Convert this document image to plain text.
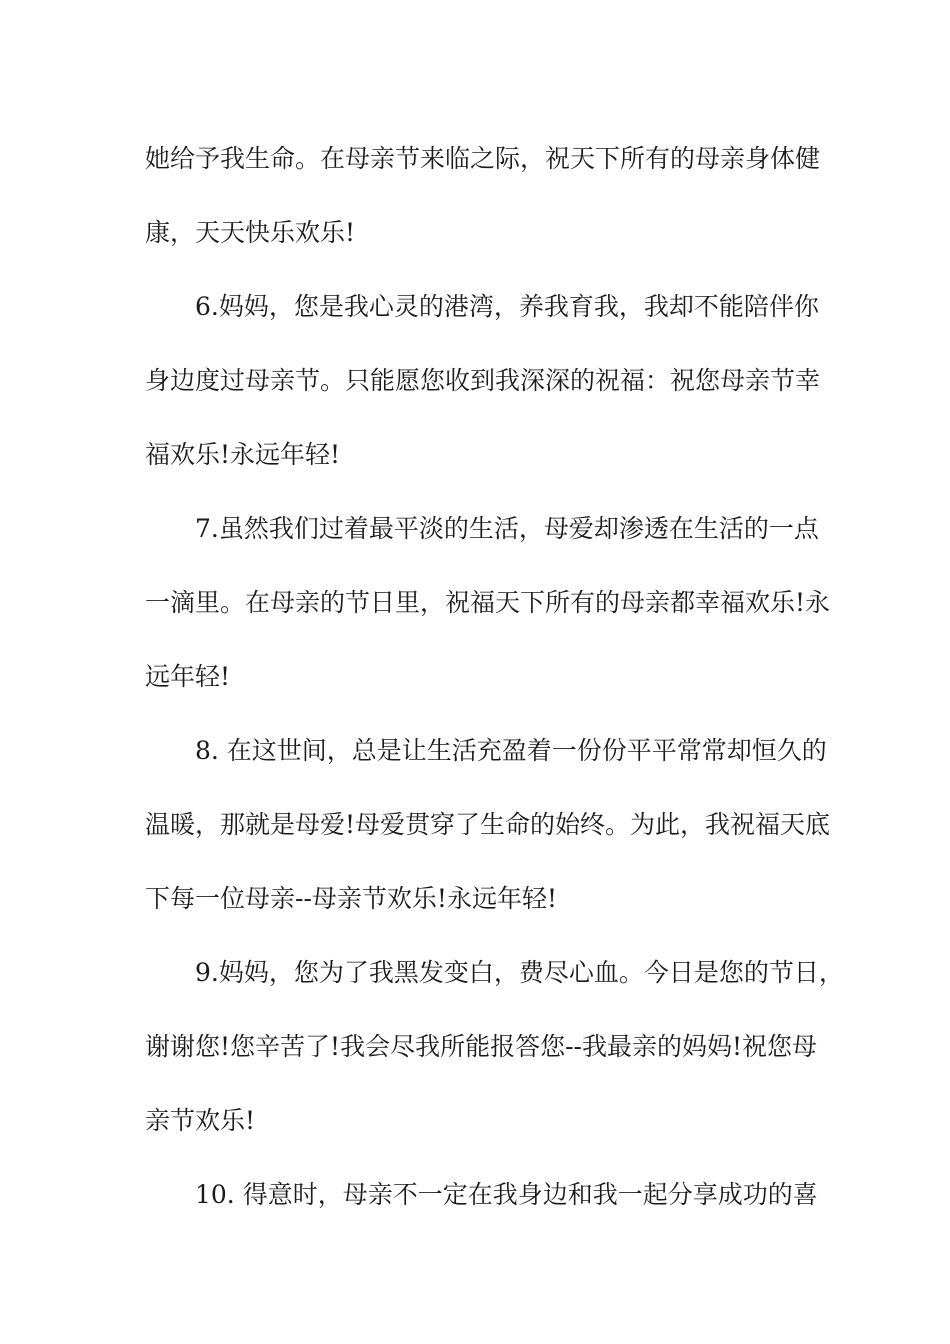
她给予我生命。在母亲节来临之际，祝天下所有的母亲身体健
康，天天快乐欢乐!
6.妈妈，您是我心灵的港湾，养我育我，我却不能陪伴你
身边度过母亲节。只能愿您收到我深深的祝福：祝您母亲节幸
福欢乐!永远年轻!
7.虽然我们过着最平淡的生活，母爱却渗透在生活的一点
一滴里。在母亲的节日里，祝福天下所有的母亲都幸福欢乐!永
远年轻!
8. 在这世间，总是让生活充盈着一份份平平常常却恒久的
温暖，那就是母爱!母爱贯穿了生命的始终。为此，我祝福天底
下每一位母亲--母亲节欢乐!永远年轻!
9.妈妈，您为了我黑发变白，费尽心血。今日是您的节日，
谢谢您!您辛苦了!我会尽我所能报答您--我最亲的妈妈!祝您母
亲节欢乐!
10. 得意时，母亲不一定在我身边和我一起分享成功的喜
